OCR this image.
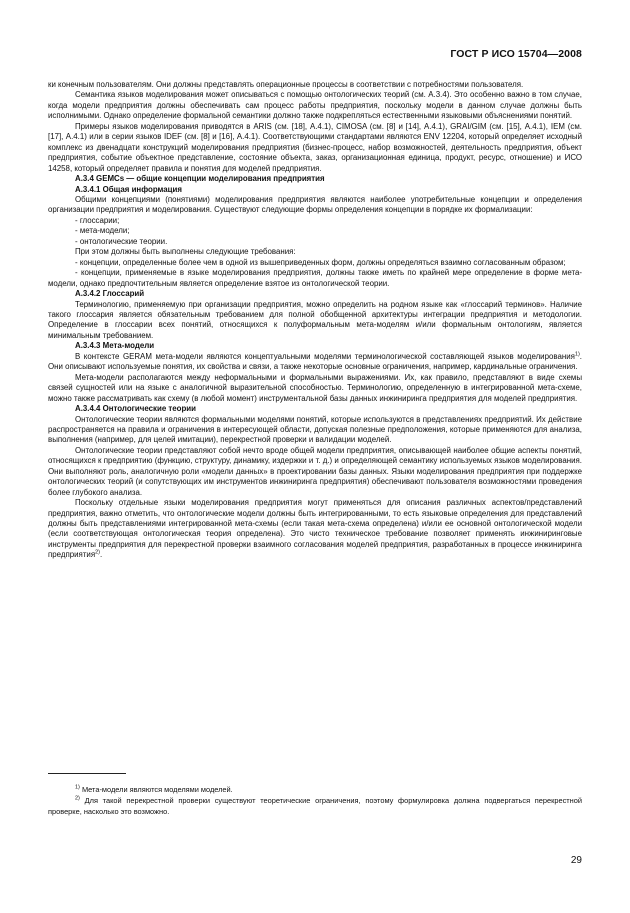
ГОСТ Р ИСО 15704—2008

ки конечным пользователям. Они должны представлять операционные процессы в соответствии с потребностями пользователя.

Семантика языков моделирования может описываться с помощью онтологических теорий (см. А.3.4). Это особенно важно в том случае, когда модели предприятия должны обеспечивать сам процесс работы предприятия, поскольку модели в данном случае должны быть исполнимыми. Однако определение формальной семантики должно также подкрепляться естественными языковыми объяснениями понятий.

Примеры языков моделирования приводятся в ARIS (см. [18], A.4.1), CIMOSA (см. [8] и [14], A.4.1), GRAI/GIM (см. [15], A.4.1), IEM (см. [17], A.4.1) или в серии языков IDEF (см. [8] и [16], A.4.1). Соответствующими стандартами являются ENV 12204, который определяет исходный комплекс из двенадцати конструкций моделирования предприятия (бизнес-процесс, набор возможностей, деятельность предприятия, объект предприятия, событие объектное представление, состояние объекта, заказ, организационная единица, продукт, ресурс, отношение) и ИСО 14258, который определяет правила и понятия для моделей предприятия.

А.3.4 GEMCs — общие концепции моделирования предприятия

А.3.4.1 Общая информация

Общими концепциями (понятиями) моделирования предприятия являются наиболее употребительные концепции и определения организации предприятия и моделирования. Существуют следующие формы определения концепции в порядке их формализации:

- глоссарии;

- мета-модели;

- онтологические теории.

При этом должны быть выполнены следующие требования:

- концепции, определенные более чем в одной из вышеприведенных форм, должны определяться взаимно согласованным образом;

- концепции, применяемые в языке моделирования предприятия, должны также иметь по крайней мере определение в форме мета-модели, однако предпочтительным является определение взятое из онтологической теории.

А.3.4.2 Глоссарий

Терминологию, применяемую при организации предприятия, можно определить на родном языке как «глоссарий терминов». Наличие такого глоссария является обязательным требованием для полной обобщенной архитектуры интеграции предприятия и методологии. Определение в глоссарии всех понятий, относящихся к полуформальным мета-моделям и/или формальным онтологиям, является минимальным требованием.

А.3.4.3 Мета-модели

В контексте GERAM мета-модели являются концептуальными моделями терминологической составляющей языков моделирования$^{1)}$. Они описывают используемые понятия, их свойства и связи, а также некоторые основные ограничения, например, кардинальные ограничения.

Мета-модели располагаются между неформальными и формальными выражениями. Их, как правило, представляют в виде схемы связей сущностей или на языке с аналогичной выразительной способностью. Терминологию, определенную в интегрированной мета-схеме, можно также рассматривать как схему (в любой момент) инструментальной базы данных инжиниринга предприятия для моделей предприятия.

А.3.4.4 Онтологические теории

Онтологические теории являются формальными моделями понятий, которые используются в представлениях предприятий. Их действие распространяется на правила и ограничения в интересующей области, допуская полезные предположения, которые применяются для анализа, выполнения (например, для целей имитации), перекрестной проверки и валидации моделей.

Онтологические теории представляют собой нечто вроде общей модели предприятия, описывающей наиболее общие аспекты понятий, относящихся к предприятию (функцию, структуру, динамику, издержки и т. д.) и определяющей семантику используемых языков моделирования. Они выполняют роль, аналогичную роли «модели данных» в проектировании базы данных. Языки моделирования предприятия при поддержке онтологических теорий (и сопутствующих им инструментов инжиниринга предприятия) обеспечивают пользователя возможностями проведения более глубокого анализа.

Поскольку отдельные языки моделирования предприятия могут применяться для описания различных аспектов/представлений предприятия, важно отметить, что онтологические модели должны быть интегрированными, то есть языковые определения для представлений должны быть представлениями интегрированной мета-схемы (если такая мета-схема определена) и/или ее основной онтологической модели (если соответствующая онтологическая теория определена). Это чисто техническое требование позволяет применять инжиниринговые инструменты предприятия для перекрестной проверки взаимного согласования моделей предприятия, разработанных в процессе инжиниринга предприятия$^{2)}$.

$^{1)}$ Мета-модели являются моделями моделей.

$^{2)}$ Для такой перекрестной проверки существуют теоретические ограничения, поэтому формулировка должна подвергаться перекрестной проверке, насколько это возможно.

29
